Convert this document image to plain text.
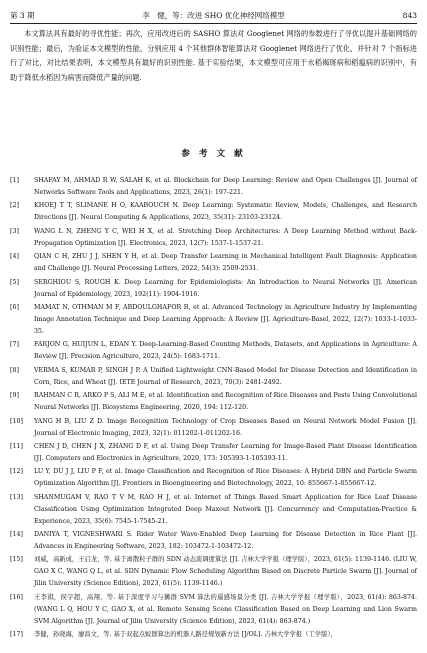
第 3 期	李　健，等：改进 SHO 优化神经网络模型	843
本文算法具有最好的寻优性能；再次，应用改进后的 SASHO 算法对 Googlenet 网络的参数进行了寻优以提升基础网络的识别性能；最后，为验证本文模型的性能，分别应用 4 个其他群体智能算法对 Googlenet 网络进行了优化，并针对 7 个指标进行了对比，对比结果表明，本文模型具有最好的识别性能. 基于实验结果，本文模型可应用于水稻褐斑病和稻瘟病的识别中，有助于降低水稻因为病害而降低产量的问题.
参 考 文 献
[1]	SHAFAY M, AHMAD R W, SALAH K, et al. Blockchain for Deep Learning: Review and Open Challenges [J]. Journal of Networks Software Tools and Applications, 2023, 26(1): 197-221.
[2]	KHOEJ T T, SLIMANE H O, KAABOUCH N. Deep Learning: Systematic Review, Models, Challenges, and Research Directions [J]. Neural Computing & Applications, 2023, 35(31): 23103-23124.
[3]	WANG L N, ZHENG Y C, WEI H X, et al. Stretching Deep Architectures: A Deep Learning Method without Back-Propagation Optimization [J]. Electronics, 2023, 12(7): 1537-1-1537-21.
[4]	QIAN C H, ZHU J J, SHEN Y H, et al. Deep Transfer Learning in Mechanical Intelligent Fault Diagnosis: Application and Challenge [J]. Neural Processing Letters, 2022, 54(3): 2509-2531.
[5]	SERGHIOU S, ROUGH K. Deep Learning for Epidemiologists: An Introduction to Neural Networks [J]. American Journal of Epidemiology, 2023, 192(11): 1904-1916.
[6]	MAMAT N, OTHMAN M F, ABDOULGHAFOR R, et al. Advanced Technology in Agriculture Industry by Implementing Image Annotation Technique and Deep Learning Approach: A Review [J]. Agriculture-Basel, 2022, 12(7): 1033-1-1033-35.
[7]	FARJON G, HUIJUN L, EDAN Y. Deep-Learning-Based Counting Methods, Datasets, and Applications in Agriculture: A Review [J]. Precision Agriculture, 2023, 24(5): 1683-1711.
[8]	VERMA S, KUMAR P, SINGH J P. A Unified Lightweight CNN-Based Model for Disease Detection and Identification in Corn, Rice, and Wheat [J]. IETE Journal of Research, 2023, 70(3): 2481-2492.
[9]	RAHMAN C R, ARKO P S, ALI M E, et al. Identification and Recognition of Rice Diseases and Pests Using Convolutional Neural Networks [J]. Biosystems Engineering, 2020, 194: 112-120.
[10]	YANG H B, LIU Z D. Image Recognition Technology of Crop Diseases Based on Neural Network Model Fusion [J]. Journal of Electronic Imaging, 2023, 32(1): 011202-1-011202-16.
[11]	CHEN J D, CHEN J X, ZHANG D F, et al. Using Deep Transfer Learning for Image-Based Plant Disease Identification [J]. Computers and Electronics in Agriculture, 2020, 173: 105393-1-105393-11.
[12]	LU Y, DU J J, LIU P F, et al. Image Classification and Recognition of Rice Diseases: A Hybrid DBN and Particle Swarm Optimization Algorithm [J]. Frontiers in Bioengineering and Biotechnology, 2022, 10: 855667-1-855667-12.
[13]	SHANMUGAM V, RAO T V M, RAO H J, et al. Internet of Things Based Smart Application for Rice Leaf Disease Classification Using Optimization Integrated Deep Maxout Network [J]. Concurrency and Computation-Practice & Experience, 2023, 35(6): 7545-1-7545-21.
[14]	DANIYA T, VIGNESHWARI S. Rider Water Wave-Enabled Deep Learning for Disease Detection in Rice Plant [J]. Advances in Engineering Software, 2023, 182: 103472-1-103472-12.
[15]	刘威，高新成，王启龙，等. 基于离散粒子群的 SDN 动态流调度算法 [J]. 吉林大学学报（理学版），2023, 61(5): 1139-1146. (LIU W, GAO X C, WANG Q L, et al. SDN Dynamic Flow Scheduling Algorithm Based on Discrete Particle Swarm [J]. Journal of Jilin University (Science Edition), 2023, 61(5): 1139-1146.)
[16]	王李祺，侯宇超，高翔，等. 基于深度学习与狮群 SVM 算法的遥感场景分类 [J]. 吉林大学学报（理学版），2023, 61(4): 863-874. (WANG L Q, HOU Y C, GAO X, et al. Remote Sensing Scene Classification Based on Deep Learning and Lion Swarm SVM Algorithm [J]. Journal of Jilin University (Science Edition), 2023, 61(4): 863-874.)
[17]	李健，孙晓海，廖昌文，等. 基于双起点蚁群算法的机器人路径规划新方法 [J/OL]. 吉林大学学报（工学版），
